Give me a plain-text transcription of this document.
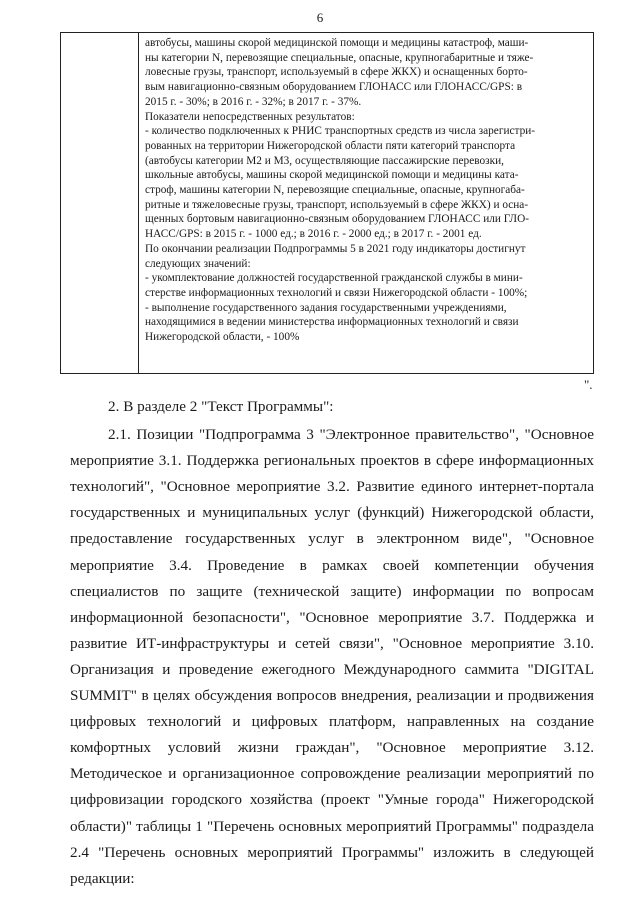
6
автобусы, машины скорой медицинской помощи и медицины катастроф, маши-
ны категории N, перевозящие специальные, опасные, крупногабаритные и тяже-
ловесные грузы, транспорт, используемый в сфере ЖКХ) и оснащенных борто-
вым навигационно-связным оборудованием ГЛОНАСС или ГЛОНАСС/GPS: в
2015 г. - 30%; в 2016 г. - 32%; в 2017 г. - 37%.
Показатели непосредственных результатов:
- количество подключенных к РНИС транспортных средств из числа зарегистри-
рованных на территории Нижегородской области пяти категорий транспорта
(автобусы категории М2 и М3, осуществляющие пассажирские перевозки,
школьные автобусы, машины скорой медицинской помощи и медицины ката-
строф, машины категории N, перевозящие специальные, опасные, крупногаба-
ритные и тяжеловесные грузы, транспорт, используемый в сфере ЖКХ) и осна-
щенных бортовым навигационно-связным оборудованием ГЛОНАСС или ГЛО-
НАСС/GPS: в 2015 г. - 1000 ед.; в 2016 г. - 2000 ед.; в 2017 г. - 2001 ед.
По окончании реализации Подпрограммы 5 в 2021 году индикаторы достигнут
следующих значений:
- укомплектование должностей государственной гражданской службы в мини-
стерстве информационных технологий и связи Нижегородской области - 100%;
- выполнение государственного задания государственными учреждениями,
находящимися в ведении министерства информационных технологий и связи
Нижегородской области, - 100%
".

2. В разделе 2 "Текст Программы":

2.1. Позиции "Подпрограмма 3 "Электронное правительство", "Основное мероприятие 3.1. Поддержка региональных проектов в сфере информационных технологий", "Основное мероприятие 3.2. Развитие единого интернет-портала государственных и муниципальных услуг (функций) Нижегородской области, предоставление государственных услуг в электронном виде", "Основное мероприятие 3.4. Проведение в рамках своей компетенции обучения специалистов по защите (технической защите) информации по вопросам информационной безопасности", "Основное мероприятие 3.7. Поддержка и развитие ИТ-инфраструктуры и сетей связи", "Основное мероприятие 3.10. Организация и проведение ежегодного Международного саммита "DIGITAL SUMMIT" в целях обсуждения вопросов внедрения, реализации и продвижения цифровых технологий и цифровых платформ, направленных на создание комфортных условий жизни граждан", "Основное мероприятие 3.12. Методическое и организационное сопровождение реализации мероприятий по цифровизации городского хозяйства (проект "Умные города" Нижегородской области)" таблицы 1 "Перечень основных мероприятий Программы" подраздела 2.4 "Перечень основных мероприятий Программы" изложить в следующей редакции:
